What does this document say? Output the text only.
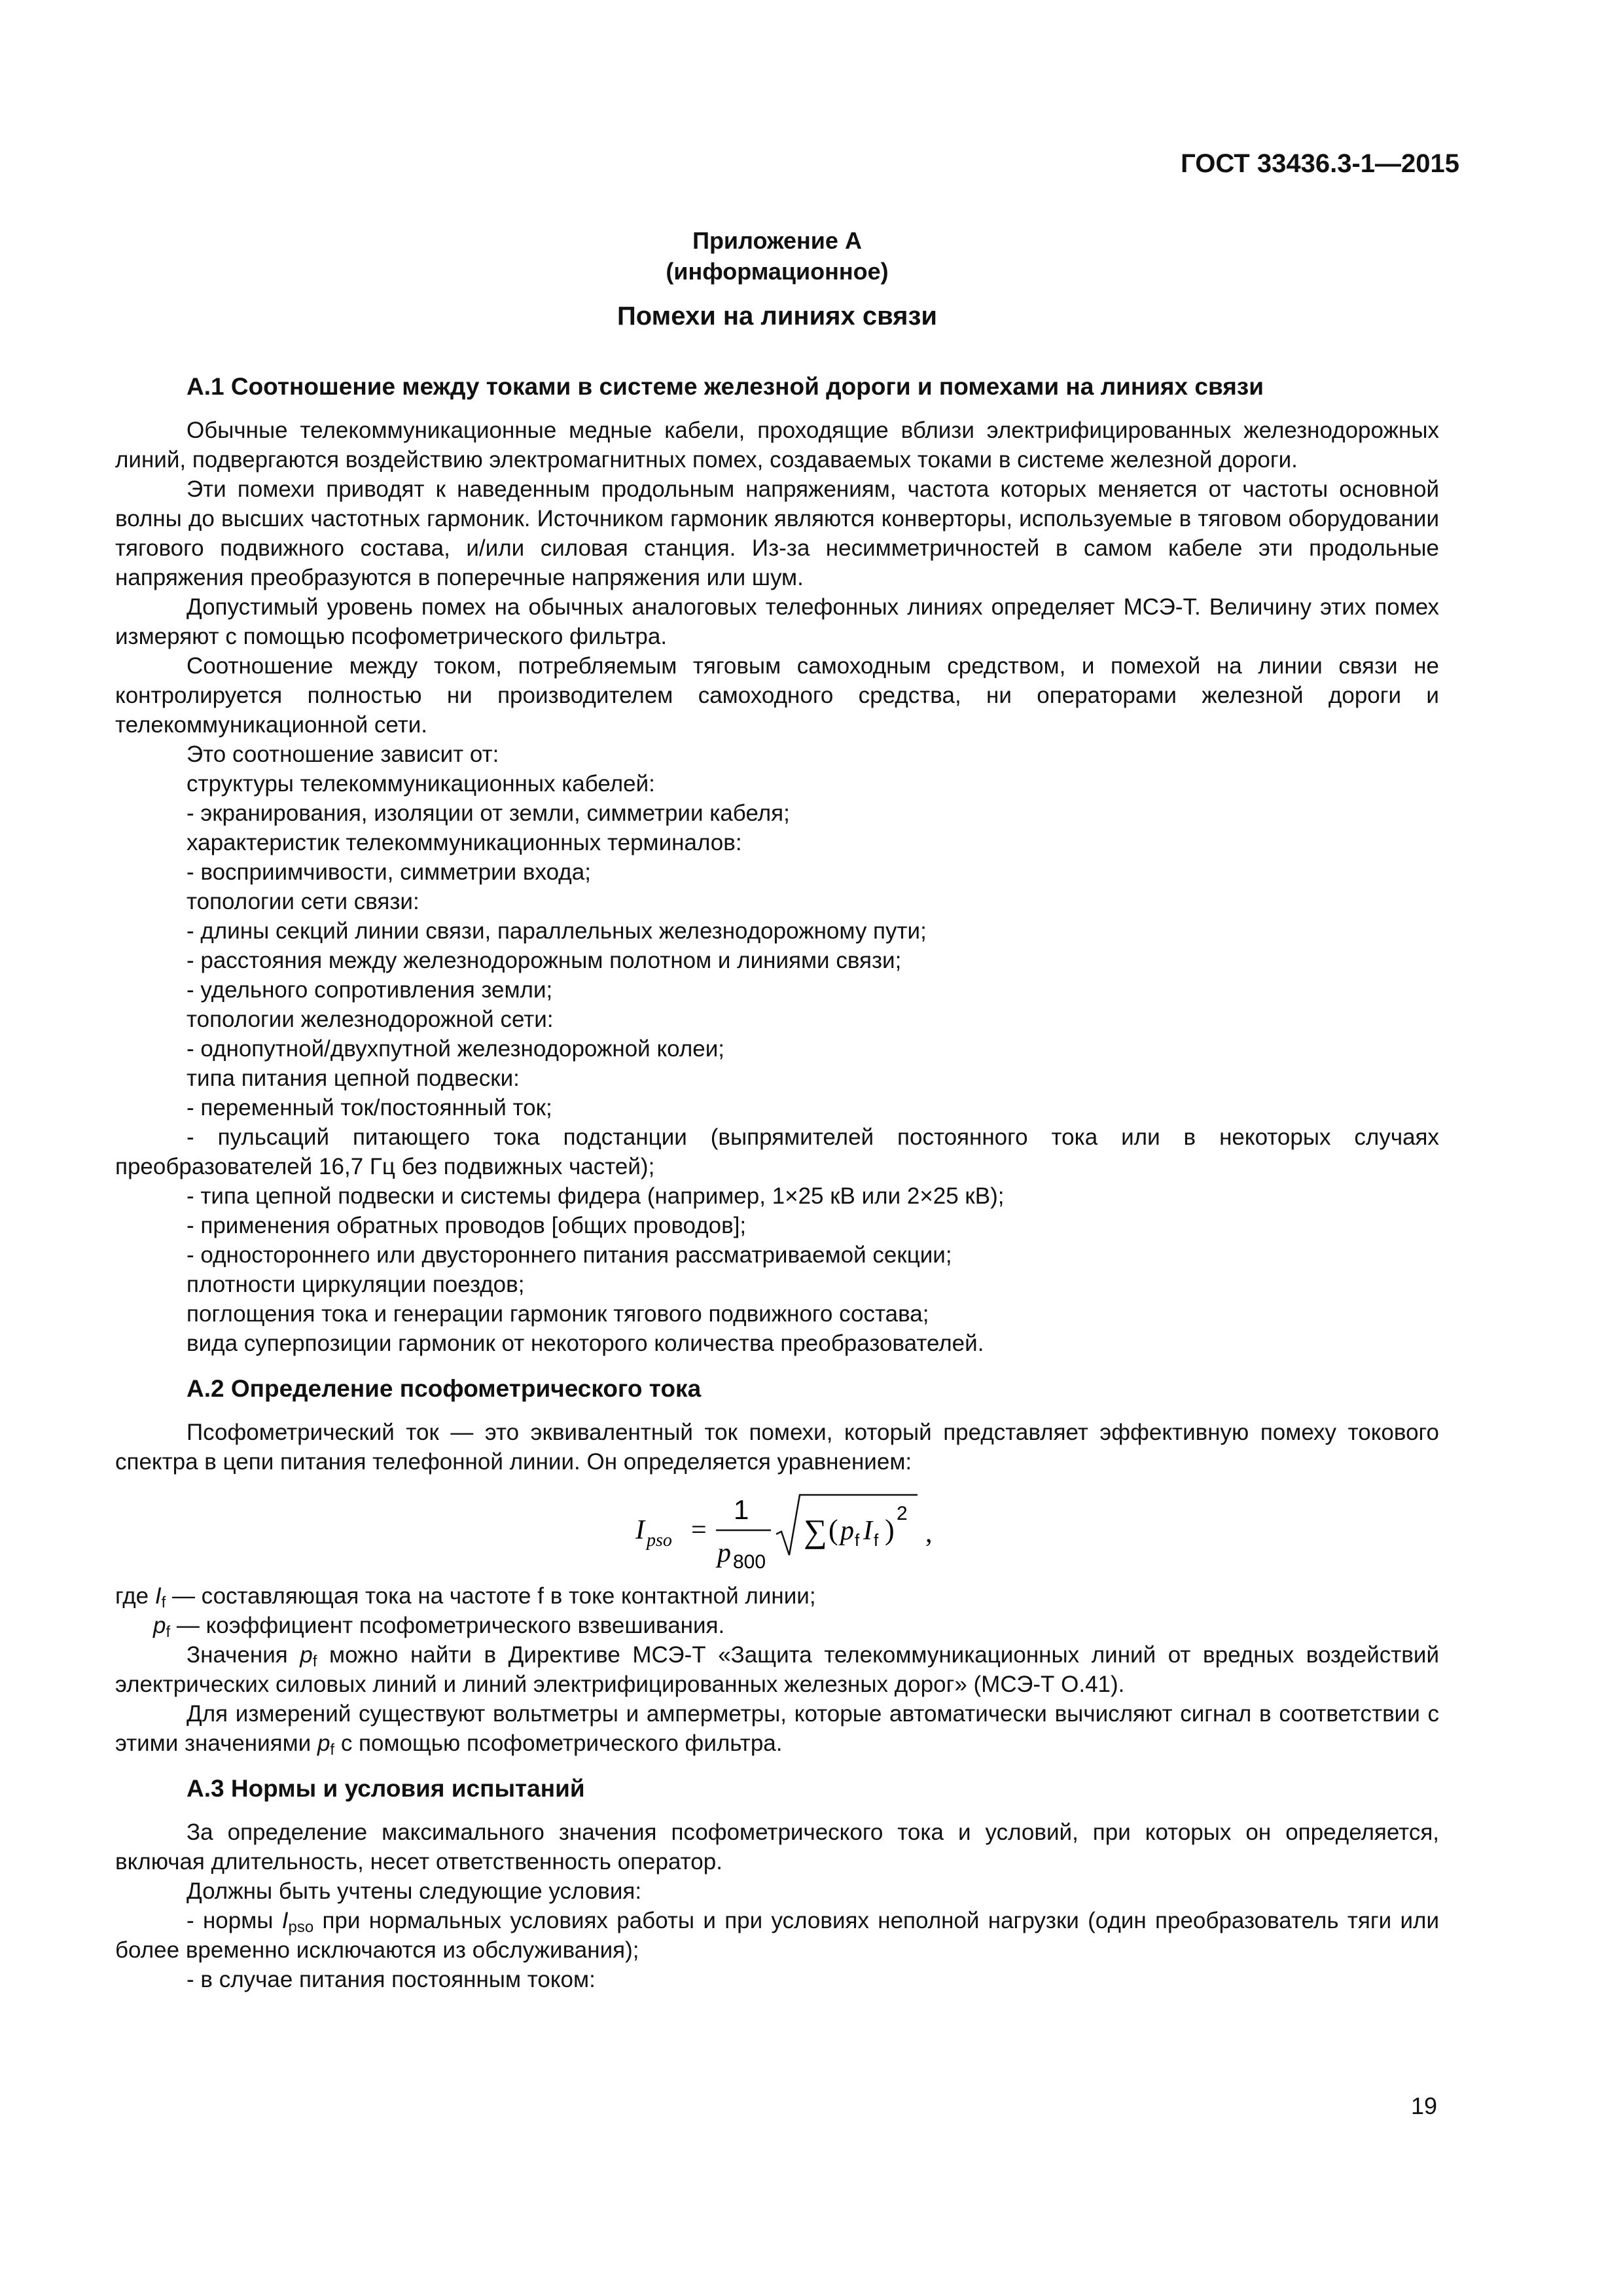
ГОСТ 33436.3-1—2015
Приложение А
(информационное)
Помехи на линиях связи
А.1 Соотношение между токами в системе железной дороги и помехами на линиях связи

Обычные телекоммуникационные медные кабели, проходящие вблизи электрифицированных железнодорожных линий, подвергаются воздействию электромагнитных помех, создаваемых токами в системе железной дороги.

Эти помехи приводят к наведенным продольным напряжениям, частота которых меняется от частоты основной волны до высших частотных гармоник. Источником гармоник являются конверторы, используемые в тяговом оборудовании тягового подвижного состава, и/или силовая станция. Из-за несимметричностей в самом кабеле эти продольные напряжения преобразуются в поперечные напряжения или шум.

Допустимый уровень помех на обычных аналоговых телефонных линиях определяет МСЭ-Т. Величину этих помех измеряют с помощью псофометрического фильтра.

Соотношение между током, потребляемым тяговым самоходным средством, и помехой на линии связи не контролируется полностью ни производителем самоходного средства, ни операторами железной дороги и телекоммуникационной сети.

Это соотношение зависит от:

структуры телекоммуникационных кабелей:

- экранирования, изоляции от земли, симметрии кабеля;

характеристик телекоммуникационных терминалов:

- восприимчивости, симметрии входа;

топологии сети связи:

- длины секций линии связи, параллельных железнодорожному пути;

- расстояния между железнодорожным полотном и линиями связи;

- удельного сопротивления земли;

топологии железнодорожной сети:

- однопутной/двухпутной железнодорожной колеи;

типа питания цепной подвески:

- переменный ток/постоянный ток;

- пульсаций питающего тока подстанции (выпрямителей постоянного тока или в некоторых случаях преобразователей 16,7 Гц без подвижных частей);

- типа цепной подвески и системы фидера (например, 1×25 кВ или 2×25 кВ);

- применения обратных проводов [общих проводов];

- одностороннего или двустороннего питания рассматриваемой секции;

плотности циркуляции поездов;

поглощения тока и генерации гармоник тягового подвижного состава;

вида суперпозиции гармоник от некоторого количества преобразователей.

А.2 Определение псофометрического тока

Псофометрический ток — это эквивалентный ток помехи, который представляет эффективную помеху токового спектра в цепи питания телефонной линии. Он определяется уравнением:

I pso =
1
p 800
∑ ( p f I f )
2
,

где $I_f$ — составляющая тока на частоте f в токе контактной линии;

$p_f$ — коэффициент псофометрического взвешивания.

Значения $p_f$ можно найти в Директиве МСЭ-Т «Защита телекоммуникационных линий от вредных воздействий электрических силовых линий и линий электрифицированных железных дорог» (МСЭ-Т О.41).

Для измерений существуют вольтметры и амперметры, которые автоматически вычисляют сигнал в соответствии с этими значениями $p_f$ с помощью псофометрического фильтра.

А.3 Нормы и условия испытаний

За определение максимального значения псофометрического тока и условий, при которых он определяется, включая длительность, несет ответственность оператор.

Должны быть учтены следующие условия:

- нормы $I_{pso}$ при нормальных условиях работы и при условиях неполной нагрузки (один преобразователь тяги или более временно исключаются из обслуживания);

- в случае питания постоянным током:

19
